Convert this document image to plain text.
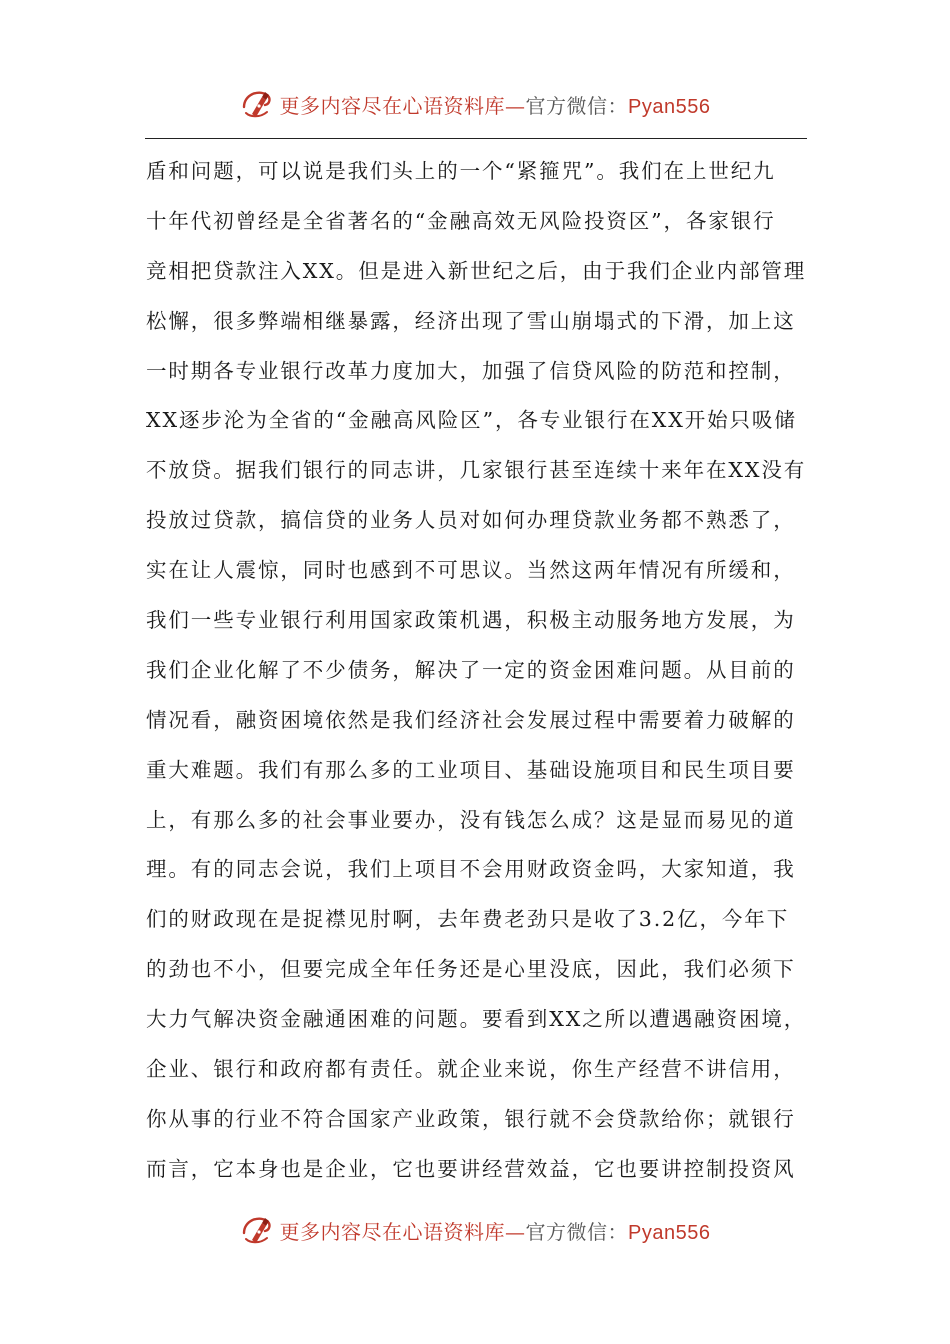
更多内容尽在心语资料库—官方微信：Pyan556
盾和问题，可以说是我们头上的一个“紧箍咒”。我们在上世纪九
十年代初曾经是全省著名的“金融高效无风险投资区”，各家银行
竞相把贷款注入XX。但是进入新世纪之后，由于我们企业内部管理
松懈，很多弊端相继暴露，经济出现了雪山崩塌式的下滑，加上这
一时期各专业银行改革力度加大，加强了信贷风险的防范和控制，
XX逐步沦为全省的“金融高风险区”，各专业银行在XX开始只吸储
不放贷。据我们银行的同志讲，几家银行甚至连续十来年在XX没有
投放过贷款，搞信贷的业务人员对如何办理贷款业务都不熟悉了，
实在让人震惊，同时也感到不可思议。当然这两年情况有所缓和，
我们一些专业银行利用国家政策机遇，积极主动服务地方发展，为
我们企业化解了不少债务，解决了一定的资金困难问题。从目前的
情况看，融资困境依然是我们经济社会发展过程中需要着力破解的
重大难题。我们有那么多的工业项目、基础设施项目和民生项目要
上，有那么多的社会事业要办，没有钱怎么成？这是显而易见的道
理。有的同志会说，我们上项目不会用财政资金吗，大家知道，我
们的财政现在是捉襟见肘啊，去年费老劲只是收了3.2亿，今年下
的劲也不小，但要完成全年任务还是心里没底，因此，我们必须下
大力气解决资金融通困难的问题。要看到XX之所以遭遇融资困境，
企业、银行和政府都有责任。就企业来说，你生产经营不讲信用，
你从事的行业不符合国家产业政策，银行就不会贷款给你；就银行
而言，它本身也是企业，它也要讲经营效益，它也要讲控制投资风
更多内容尽在心语资料库—官方微信：Pyan556
